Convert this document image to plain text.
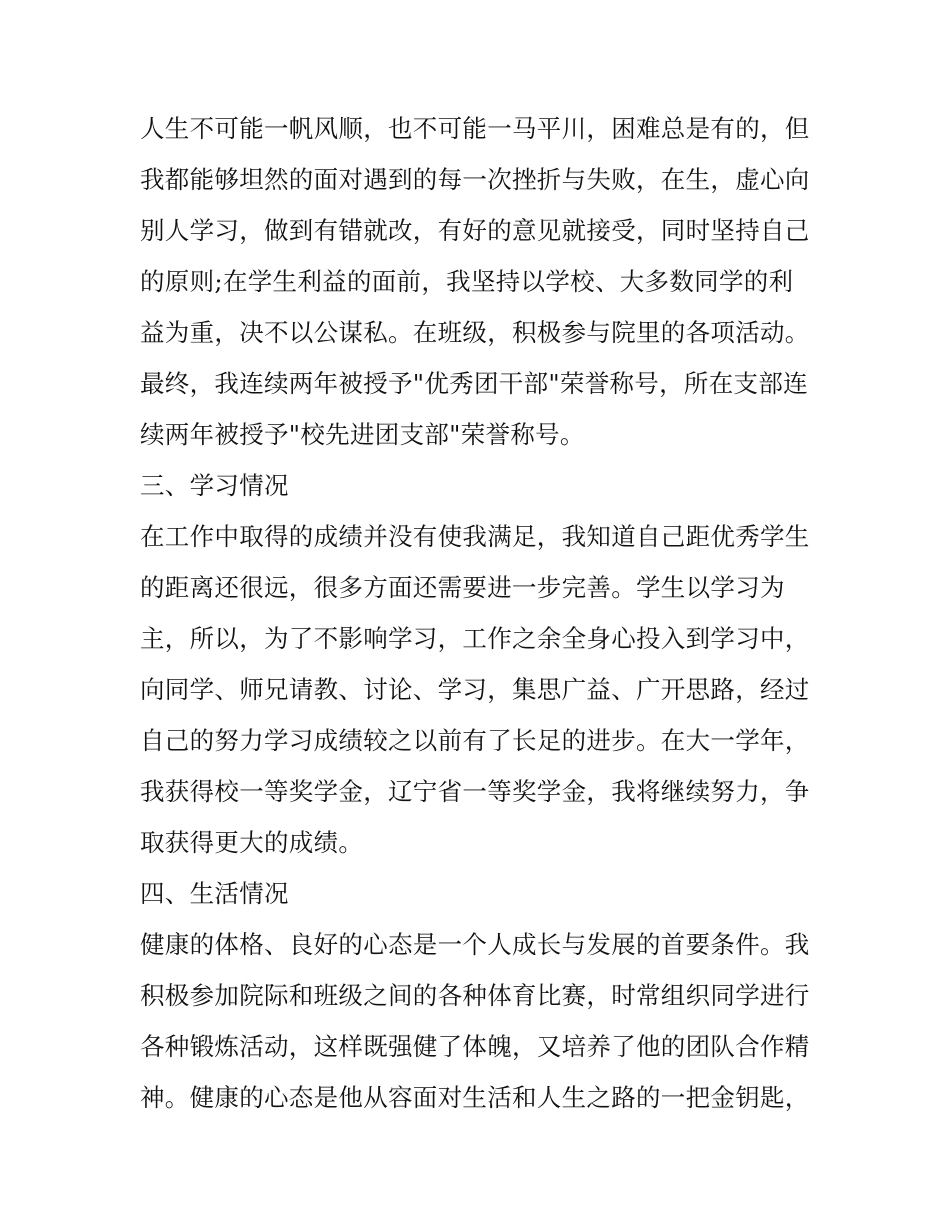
人生不可能一帆风顺，也不可能一马平川，困难总是有的，但
我都能够坦然的面对遇到的每一次挫折与失败，在生，虚心向
别人学习，做到有错就改，有好的意见就接受，同时坚持自己
的原则;在学生利益的面前，我坚持以学校、大多数同学的利
益为重，决不以公谋私。在班级，积极参与院里的各项活动。
最终，我连续两年被授予"优秀团干部"荣誉称号，所在支部连
续两年被授予"校先进团支部"荣誉称号。
三、学习情况
在工作中取得的成绩并没有使我满足，我知道自己距优秀学生
的距离还很远，很多方面还需要进一步完善。学生以学习为
主，所以，为了不影响学习，工作之余全身心投入到学习中，
向同学、师兄请教、讨论、学习，集思广益、广开思路，经过
自己的努力学习成绩较之以前有了长足的进步。在大一学年，
我获得校一等奖学金，辽宁省一等奖学金，我将继续努力，争
取获得更大的成绩。
四、生活情况
健康的体格、良好的心态是一个人成长与发展的首要条件。我
积极参加院际和班级之间的各种体育比赛，时常组织同学进行
各种锻炼活动，这样既强健了体魄，又培养了他的团队合作精
神。健康的心态是他从容面对生活和人生之路的一把金钥匙，
